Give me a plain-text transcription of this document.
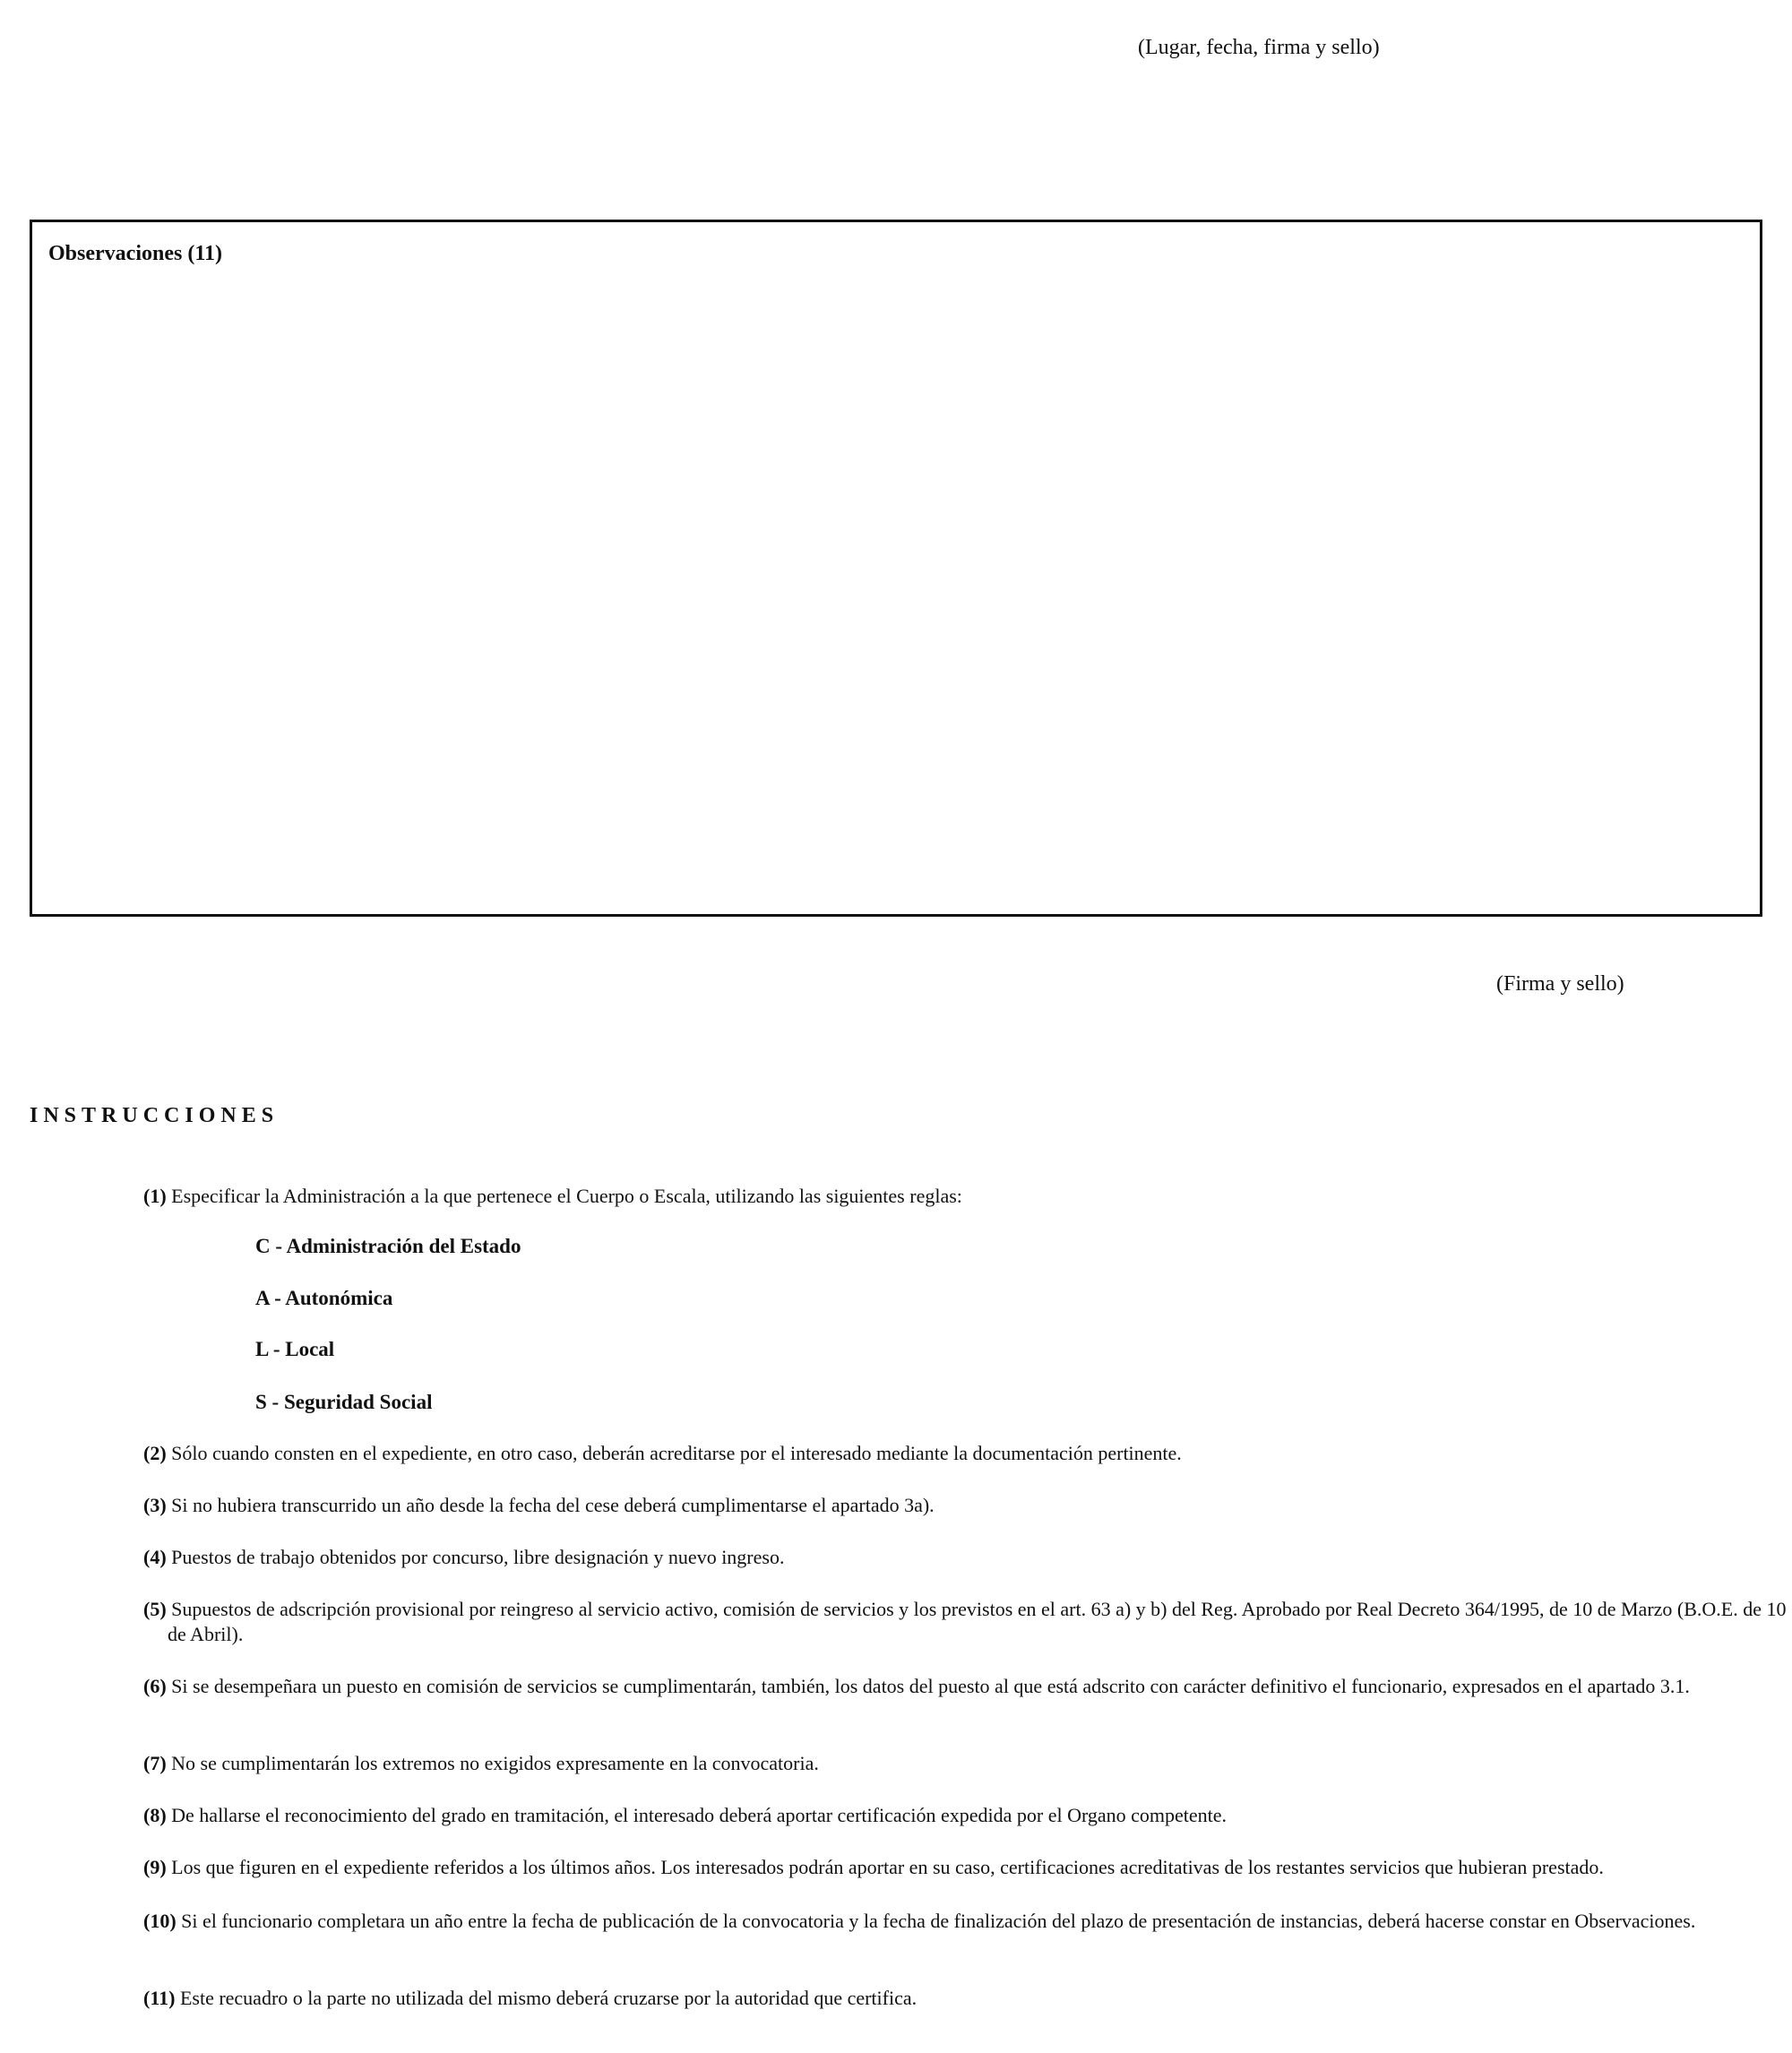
(Lugar, fecha, firma y sello)
Observaciones (11)
(Firma y sello)
INSTRUCCIONES
(1) Especificar la Administración a la que pertenece el Cuerpo o Escala, utilizando las siguientes reglas:
C - Administración del Estado
A - Autonómica
L - Local
S - Seguridad Social
(2) Sólo cuando consten en el expediente, en otro caso, deberán acreditarse por el interesado mediante la documentación pertinente.
(3) Si no hubiera transcurrido un año desde la fecha del cese deberá cumplimentarse el apartado 3a).
(4) Puestos de trabajo obtenidos por concurso, libre designación y nuevo ingreso.
(5) Supuestos de adscripción provisional por reingreso al servicio activo, comisión de servicios y los previstos en el art. 63 a) y b) del Reg. Aprobado por Real Decreto 364/1995, de 10 de Marzo (B.O.E. de 10 de Abril).
(6) Si se desempeñara un puesto en comisión de servicios se cumplimentarán, también, los datos del puesto al que está adscrito con carácter definitivo el funcionario, expresados en el apartado 3.1.
(7) No se cumplimentarán los extremos no exigidos expresamente en la convocatoria.
(8) De hallarse el reconocimiento del grado en tramitación, el interesado deberá aportar certificación expedida por el Organo competente.
(9) Los que figuren en el expediente referidos a los últimos años. Los interesados podrán aportar en su caso, certificaciones acreditativas de los restantes servicios que hubieran prestado.
(10) Si el funcionario completara un año entre la fecha de publicación de la convocatoria y la fecha de finalización del plazo de presentación de instancias, deberá hacerse constar en Observaciones.
(11) Este recuadro o la parte no utilizada del mismo deberá cruzarse por la autoridad que certifica.
